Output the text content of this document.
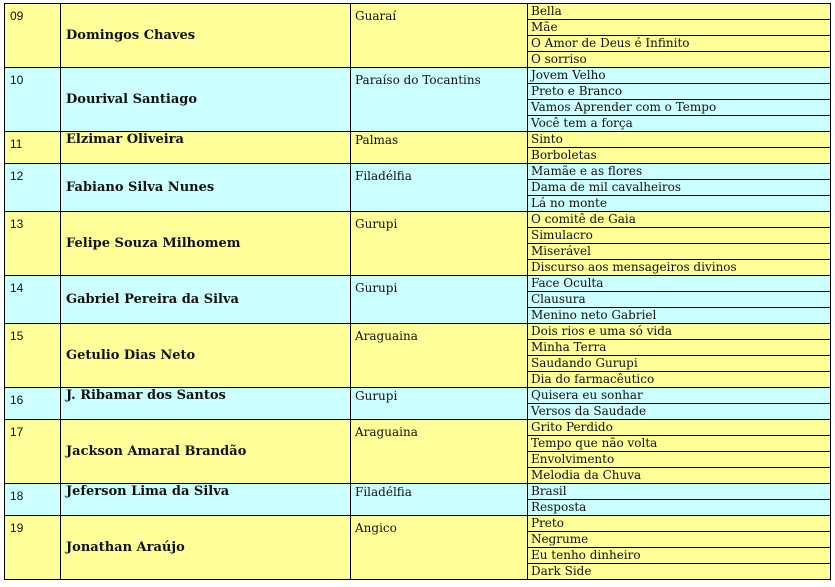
09	Domingos Chaves	Guaraí	Bella
			Mãe
			O Amor de Deus é Infinito
			O sorriso
10	Dourival Santiago	Paraíso do Tocantins	Jovem Velho
			Preto e Branco
			Vamos Aprender com o Tempo
			Você tem a força
11	Elzimar Oliveira	Palmas	Sinto
			Borboletas
12	Fabiano Silva Nunes	Filadélfia	Mamãe e as flores
			Dama de mil cavalheiros
			Lá no monte
13	Felipe Souza Milhomem	Gurupi	O comitê de Gaia
			Simulacro
			Miserável
			Discurso aos mensageiros divinos
14	Gabriel Pereira da Silva	Gurupi	Face Oculta
			Clausura
			Menino neto Gabriel
15	Getulio Dias Neto	Araguaina	Dois rios e uma só vida
			Minha Terra
			Saudando Gurupi
			Dia do farmacêutico
16	J. Ribamar dos Santos	Gurupi	Quisera eu sonhar
			Versos da Saudade
17	Jackson Amaral Brandão	Araguaina	Grito Perdido
			Tempo que não volta
			Envolvimento
			Melodia da Chuva
18	Jeferson Lima da Silva	Filadélfia	Brasil
			Resposta
19	Jonathan Araújo	Angico	Preto
			Negrume
			Eu tenho dinheiro
			Dark Side
